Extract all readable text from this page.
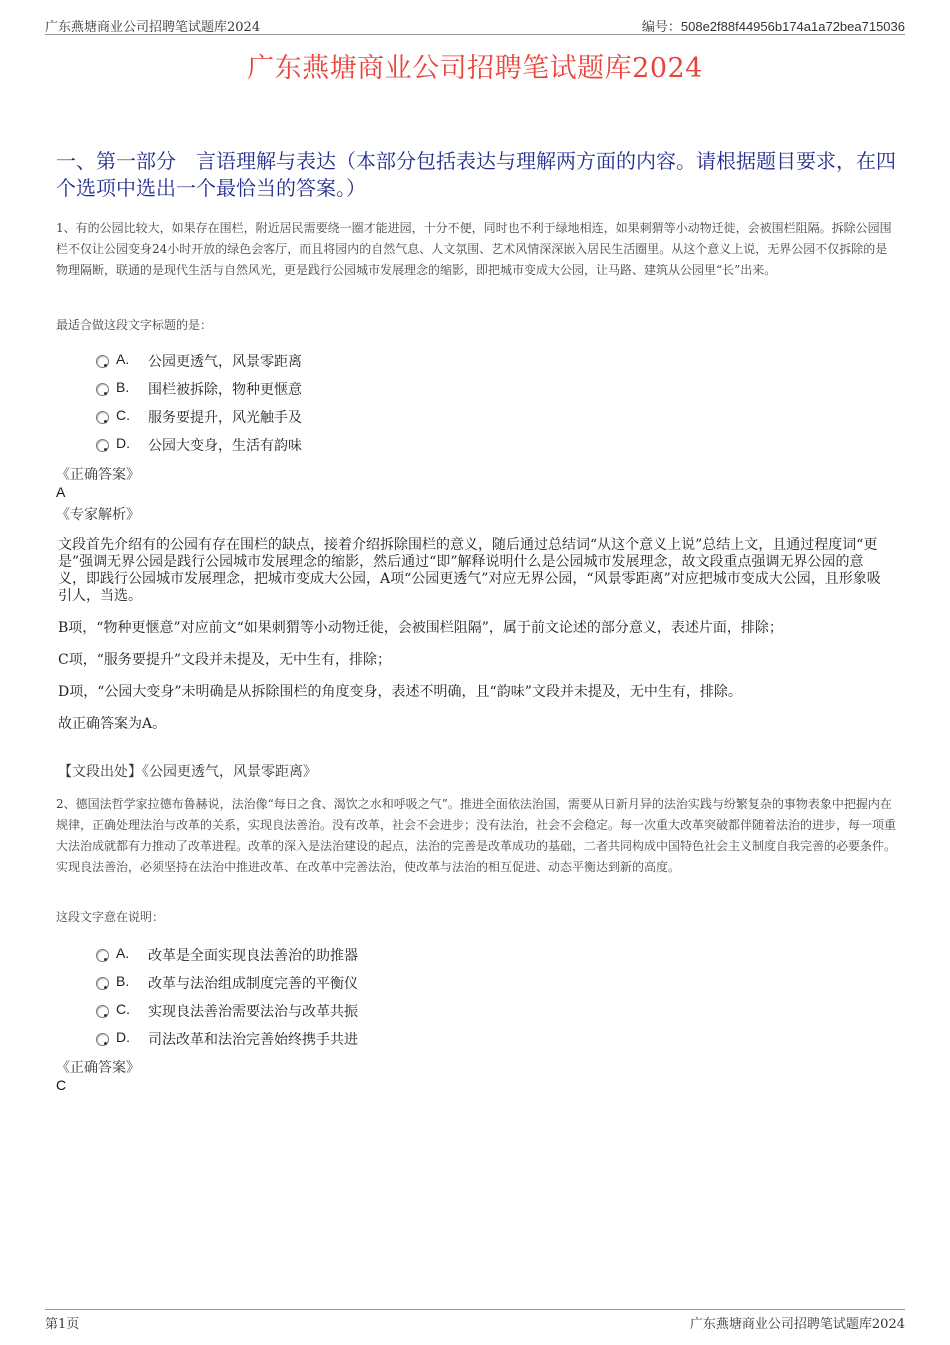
广东燕塘商业公司招聘笔试题库2024	编号：508e2f88f44956b174a1a72bea715036
广东燕塘商业公司招聘笔试题库2024
一、第一部分　言语理解与表达（本部分包括表达与理解两方面的内容。请根据题目要求，在四个选项中选出一个最恰当的答案。）
1、有的公园比较大，如果存在围栏，附近居民需要绕一圈才能进园，十分不便，同时也不利于绿地相连，如果刺猬等小动物迁徙，会被围栏阻隔。拆除公园围栏不仅让公园变身24小时开放的绿色会客厅，而且将园内的自然气息、人文氛围、艺术风情深深嵌入居民生活圈里。从这个意义上说，无界公园不仅拆除的是物理隔断，联通的是现代生活与自然风光，更是践行公园城市发展理念的缩影，即把城市变成大公园，让马路、建筑从公园里“长”出来。
最适合做这段文字标题的是：
A. 公园更透气，风景零距离
B. 围栏被拆除，物种更惬意
C. 服务要提升，风光触手及
D. 公园大变身，生活有韵味
《正确答案》
A
《专家解析》

文段首先介绍有的公园有存在围栏的缺点，接着介绍拆除围栏的意义，随后通过总结词“从这个意义上说”总结上文，且通过程度词“更是”强调无界公园是践行公园城市发展理念的缩影，然后通过“即”解释说明什么是公园城市发展理念，故文段重点强调无界公园的意义，即践行公园城市发展理念，把城市变成大公园，A项“公园更透气”对应无界公园，“风景零距离”对应把城市变成大公园，且形象吸引人，当选。

B项，“物种更惬意”对应前文“如果刺猬等小动物迁徙，会被围栏阻隔”，属于前文论述的部分意义，表述片面，排除；

C项，“服务要提升”文段并未提及，无中生有，排除；

D项，“公园大变身”未明确是从拆除围栏的角度变身，表述不明确，且“韵味”文段并未提及，无中生有，排除。

故正确答案为A。

【文段出处】《公园更透气，风景零距离》
2、德国法哲学家拉德布鲁赫说，法治像“每日之食、渴饮之水和呼吸之气”。推进全面依法治国，需要从日新月异的法治实践与纷繁复杂的事物表象中把握内在规律，正确处理法治与改革的关系，实现良法善治。没有改革，社会不会进步；没有法治，社会不会稳定。每一次重大改革突破都伴随着法治的进步，每一项重大法治成就都有力推动了改革进程。改革的深入是法治建设的起点，法治的完善是改革成功的基础，二者共同构成中国特色社会主义制度自我完善的必要条件。实现良法善治，必须坚持在法治中推进改革、在改革中完善法治，使改革与法治的相互促进、动态平衡达到新的高度。
这段文字意在说明：
A. 改革是全面实现良法善治的助推器
B. 改革与法治组成制度完善的平衡仪
C. 实现良法善治需要法治与改革共振
D. 司法改革和法治完善始终携手共进
《正确答案》
C
第1页	广东燕塘商业公司招聘笔试题库2024
